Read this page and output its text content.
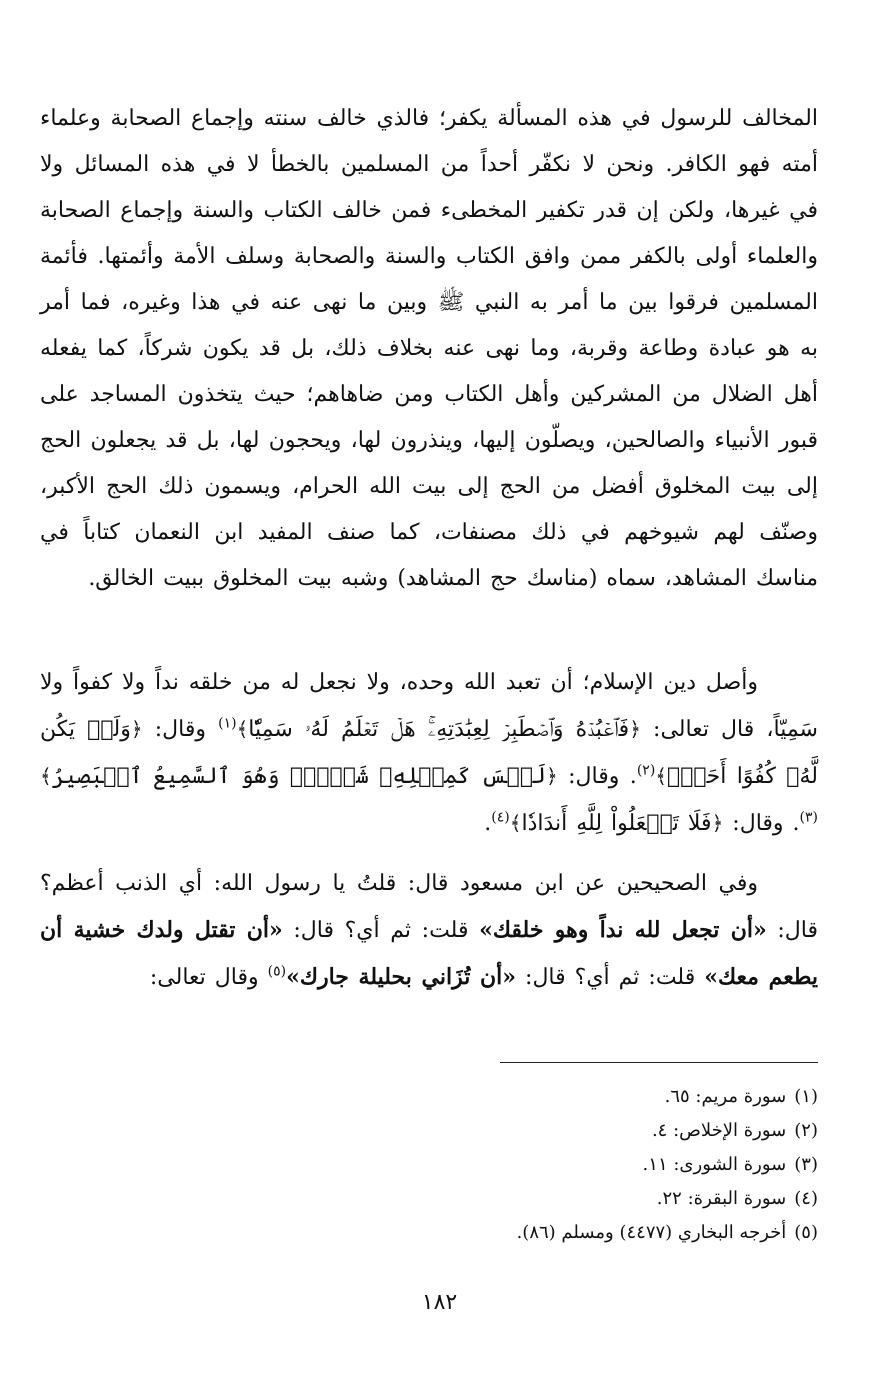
المخالف للرسول في هذه المسألة يكفر؛ فالذي خالف سنته وإجماع الصحابة وعلماء أمته فهو الكافر. ونحن لا نكفّر أحداً من المسلمين بالخطأ لا في هذه المسائل ولا في غيرها، ولكن إن قدر تكفير المخطىء فمن خالف الكتاب والسنة وإجماع الصحابة والعلماء أولى بالكفر ممن وافق الكتاب والسنة والصحابة وسلف الأمة وأئمتها. فأئمة المسلمين فرقوا بين ما أمر به النبي ﷺ وبين ما نهى عنه في هذا وغيره، فما أمر به هو عبادة وطاعة وقربة، وما نهى عنه بخلاف ذلك، بل قد يكون شركاً، كما يفعله أهل الضلال من المشركين وأهل الكتاب ومن ضاهاهم؛ حيث يتخذون المساجد على قبور الأنبياء والصالحين، ويصلّون إليها، وينذرون لها، ويحجون لها، بل قد يجعلون الحج إلى بيت المخلوق أفضل من الحج إلى بيت الله الحرام، ويسمون ذلك الحج الأكبر، وصنّف لهم شيوخهم في ذلك مصنفات، كما صنف المفيد ابن النعمان كتاباً في مناسك المشاهد، سماه (مناسك حج المشاهد) وشبه بيت المخلوق ببيت الخالق.

وأصل دين الإسلام؛ أن تعبد الله وحده، ولا نجعل له من خلقه نداً ولا كفواً ولا سَمِيّاً، قال تعالى: ﴿فَٱعۡبُدۡهُ وَٱصۡطَبِرۡ لِعِبَٰدَتِهِۦۚ هَلۡ تَعۡلَمُ لَهُۥ سَمِيّٗا﴾$^{(١)}$ وقال: ﴿وَلَمۡ يَكُن لَّهُۥ كُفُوًا أَحَدُۢ﴾$^{(٢)}$. وقال: ﴿لَيۡسَ كَمِثۡلِهِۦ شَيۡءٞۖ وَهُوَ ٱلسَّمِيعُ ٱلۡبَصِيرُ﴾$^{(٣)}$. وقال: ﴿فَلَا تَجۡعَلُواْ لِلَّهِ أَندَادٗا﴾$^{(٤)}$.

وفي الصحيحين عن ابن مسعود قال: قلتُ يا رسول الله: أي الذنب أعظم؟ قال: «أن تجعل لله نداً وهو خلقك» قلت: ثم أي؟ قال: «أن تقتل ولدك خشية أن يطعم معك» قلت: ثم أي؟ قال: «أن تُزَاني بحليلة جارك»$^{(٥)}$ وقال تعالى:

(١)
سورة مريم: ٦٥.
(٢)
سورة الإخلاص: ٤.
(٣)
سورة الشورى: ١١.
(٤)
سورة البقرة: ٢٢.
(٥)
أخرجه البخاري (٤٤٧٧) ومسلم (٨٦).
١٨٢
